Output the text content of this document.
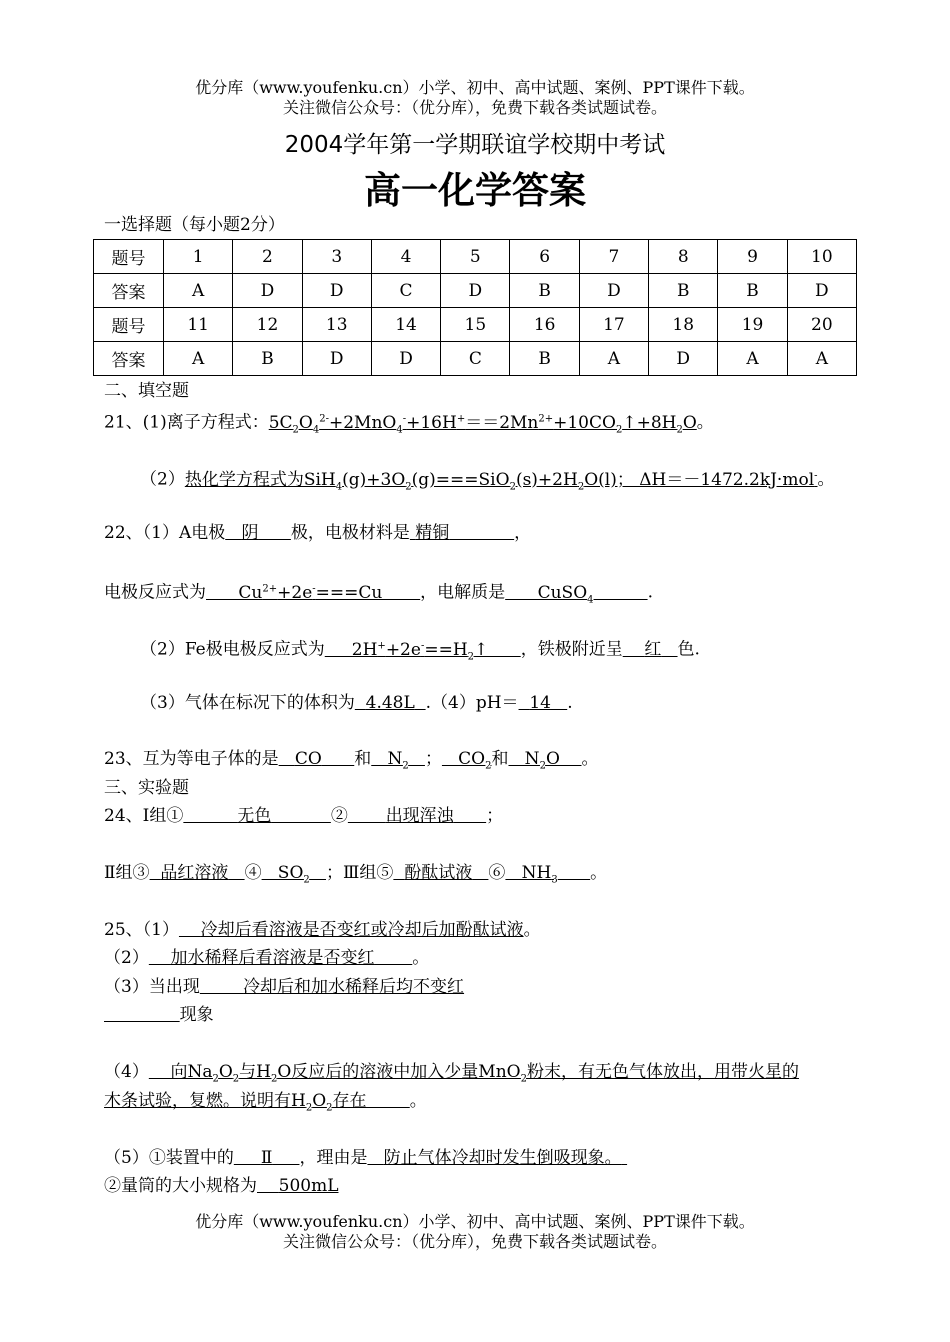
优分库（www.youfenku.cn）小学、初中、高中试题、案例、PPT课件下载。
关注微信公众号：（优分库），免费下载各类试题试卷。
2004学年第一学期联谊学校期中考试
高一化学答案
一选择题（每小题2分）
题号	1	2	3	4	5	6	7	8	9	10
答案	A	D	D	C	D	B	D	B	B	D
题号	11	12	13	14	15	16	17	18	19	20
答案	A	B	D	D	C	B	A	D	A	A
二、填空题
21、(1)离子方程式：$5C_2O_4^{2-}+2MnO_4^-+16H^+==2Mn^{2+}+10CO_2↑+8H_2O$。
（2）热化学方程式为$SiH_4(g)+3O_2(g)===SiO_2(s)+2H_2O(l)$； ΔH＝－1472.2kJ·mol-。
22、（1）A电极 阴 极，电极材料是 精铜	，
电极反应式为      $Cu^{2+}+2e^-===Cu$       ，电解质是      CuSO$_4$	.
（2）Fe极电极反应式为     $2H^++2e^-==H_2↑$      ，铁极附近呈 红 色.
（3）气体在标况下的体积为 4.48L .（4）pH＝ 14 .
23、互为等电子体的是 CO 和   $N_2$ ；   $CO_2$和   $N_2O$    。
三、实验题
24、Ⅰ组①	无色	② 出现浑浊 ；
Ⅱ组③ 品红溶液 ④   $SO_2$ ；Ⅲ组⑤ 酚酞试液 ⑥   $NH_3$ 。
25、（1） 冷却后看溶液是否变红或冷却后加酚酞试液。
（2） 加水稀释后看溶液是否变红 。
（3）当出现	冷却后和加水稀释后均不变红
现象
（4）    向$Na_2O_2$与$H_2O$反应后的溶液中加入少量MnO$_2$粉末，有无色气体放出，用带火星的
木条试验，复燃。说明有$H_2O_2$存在        。
（5）①装置中的 Ⅱ ，理由是 防止气体冷却时发生倒吸现象。
②量筒的大小规格为 500mL
优分库（www.youfenku.cn）小学、初中、高中试题、案例、PPT课件下载。
关注微信公众号：（优分库），免费下载各类试题试卷。
